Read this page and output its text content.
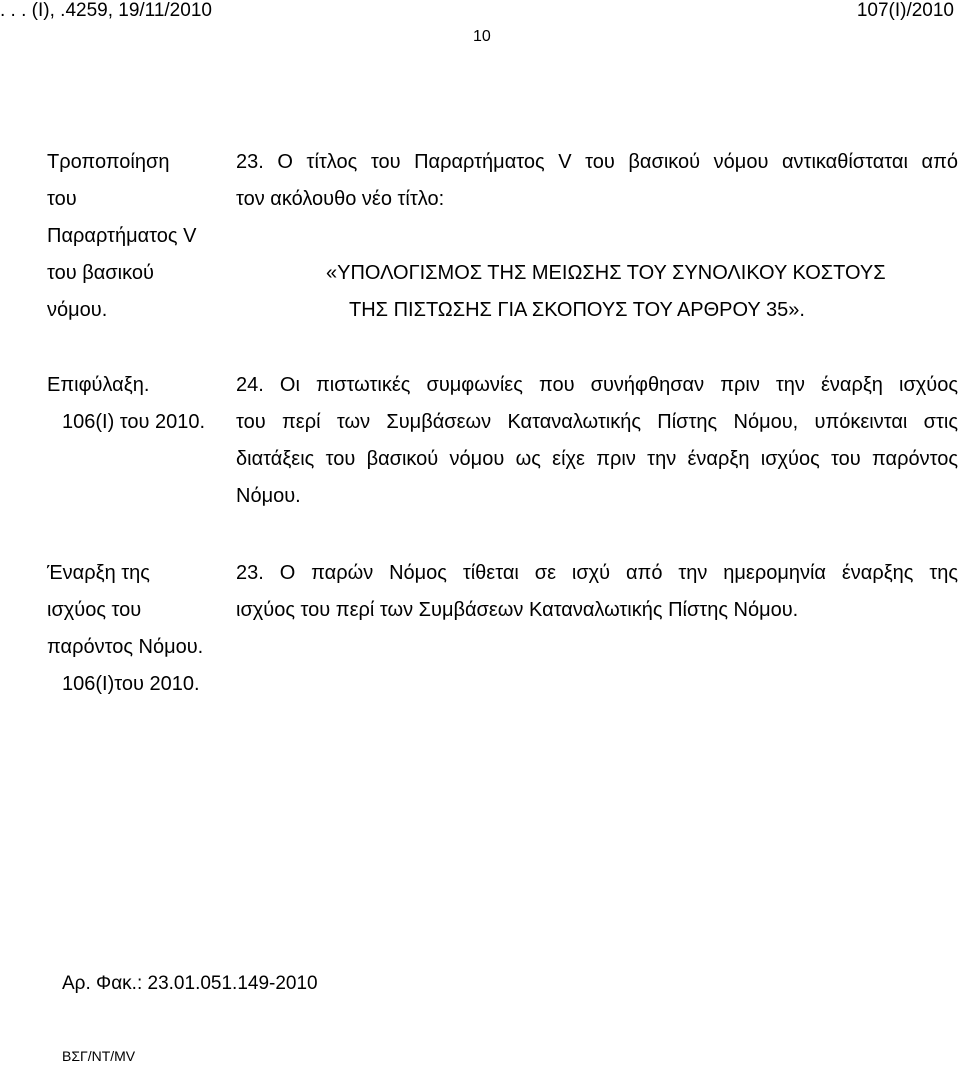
. . . (Ι), .4259, 19/11/2010	107(Ι)/2010
10
Τροποποίηση
του
Παραρτήματος V
του βασικού
νόμου.
23. Ο τίτλος του Παραρτήματος V του βασικού νόμου αντικαθίσταται από
τον ακόλουθο νέο τίτλο:
«ΥΠΟΛΟΓΙΣΜΟΣ ΤΗΣ ΜΕΙΩΣΗΣ ΤΟΥ ΣΥΝΟΛΙΚΟΥ ΚΟΣΤΟΥΣ
ΤΗΣ ΠΙΣΤΩΣΗΣ ΓΙΑ ΣΚΟΠΟΥΣ ΤΟΥ ΑΡΘΡΟΥ 35».
Επιφύλαξη.
106(Ι) του 2010.
24. Οι πιστωτικές συμφωνίες που συνήφθησαν πριν την έναρξη ισχύος
του περί των Συμβάσεων Καταναλωτικής Πίστης Νόμου, υπόκεινται στις
διατάξεις του βασικού νόμου ως είχε πριν την έναρξη ισχύος του παρόντος
Νόμου.
Έναρξη της
ισχύος του
παρόντος Νόμου.
106(Ι)του 2010.
23. Ο παρών Νόμος τίθεται σε ισχύ από την ημερομηνία έναρξης της
ισχύος του περί των Συμβάσεων Καταναλωτικής Πίστης Νόμου.
Αρ. Φακ.: 23.01.051.149-2010
ΒΣΓ/ΝΤ/ΜV
